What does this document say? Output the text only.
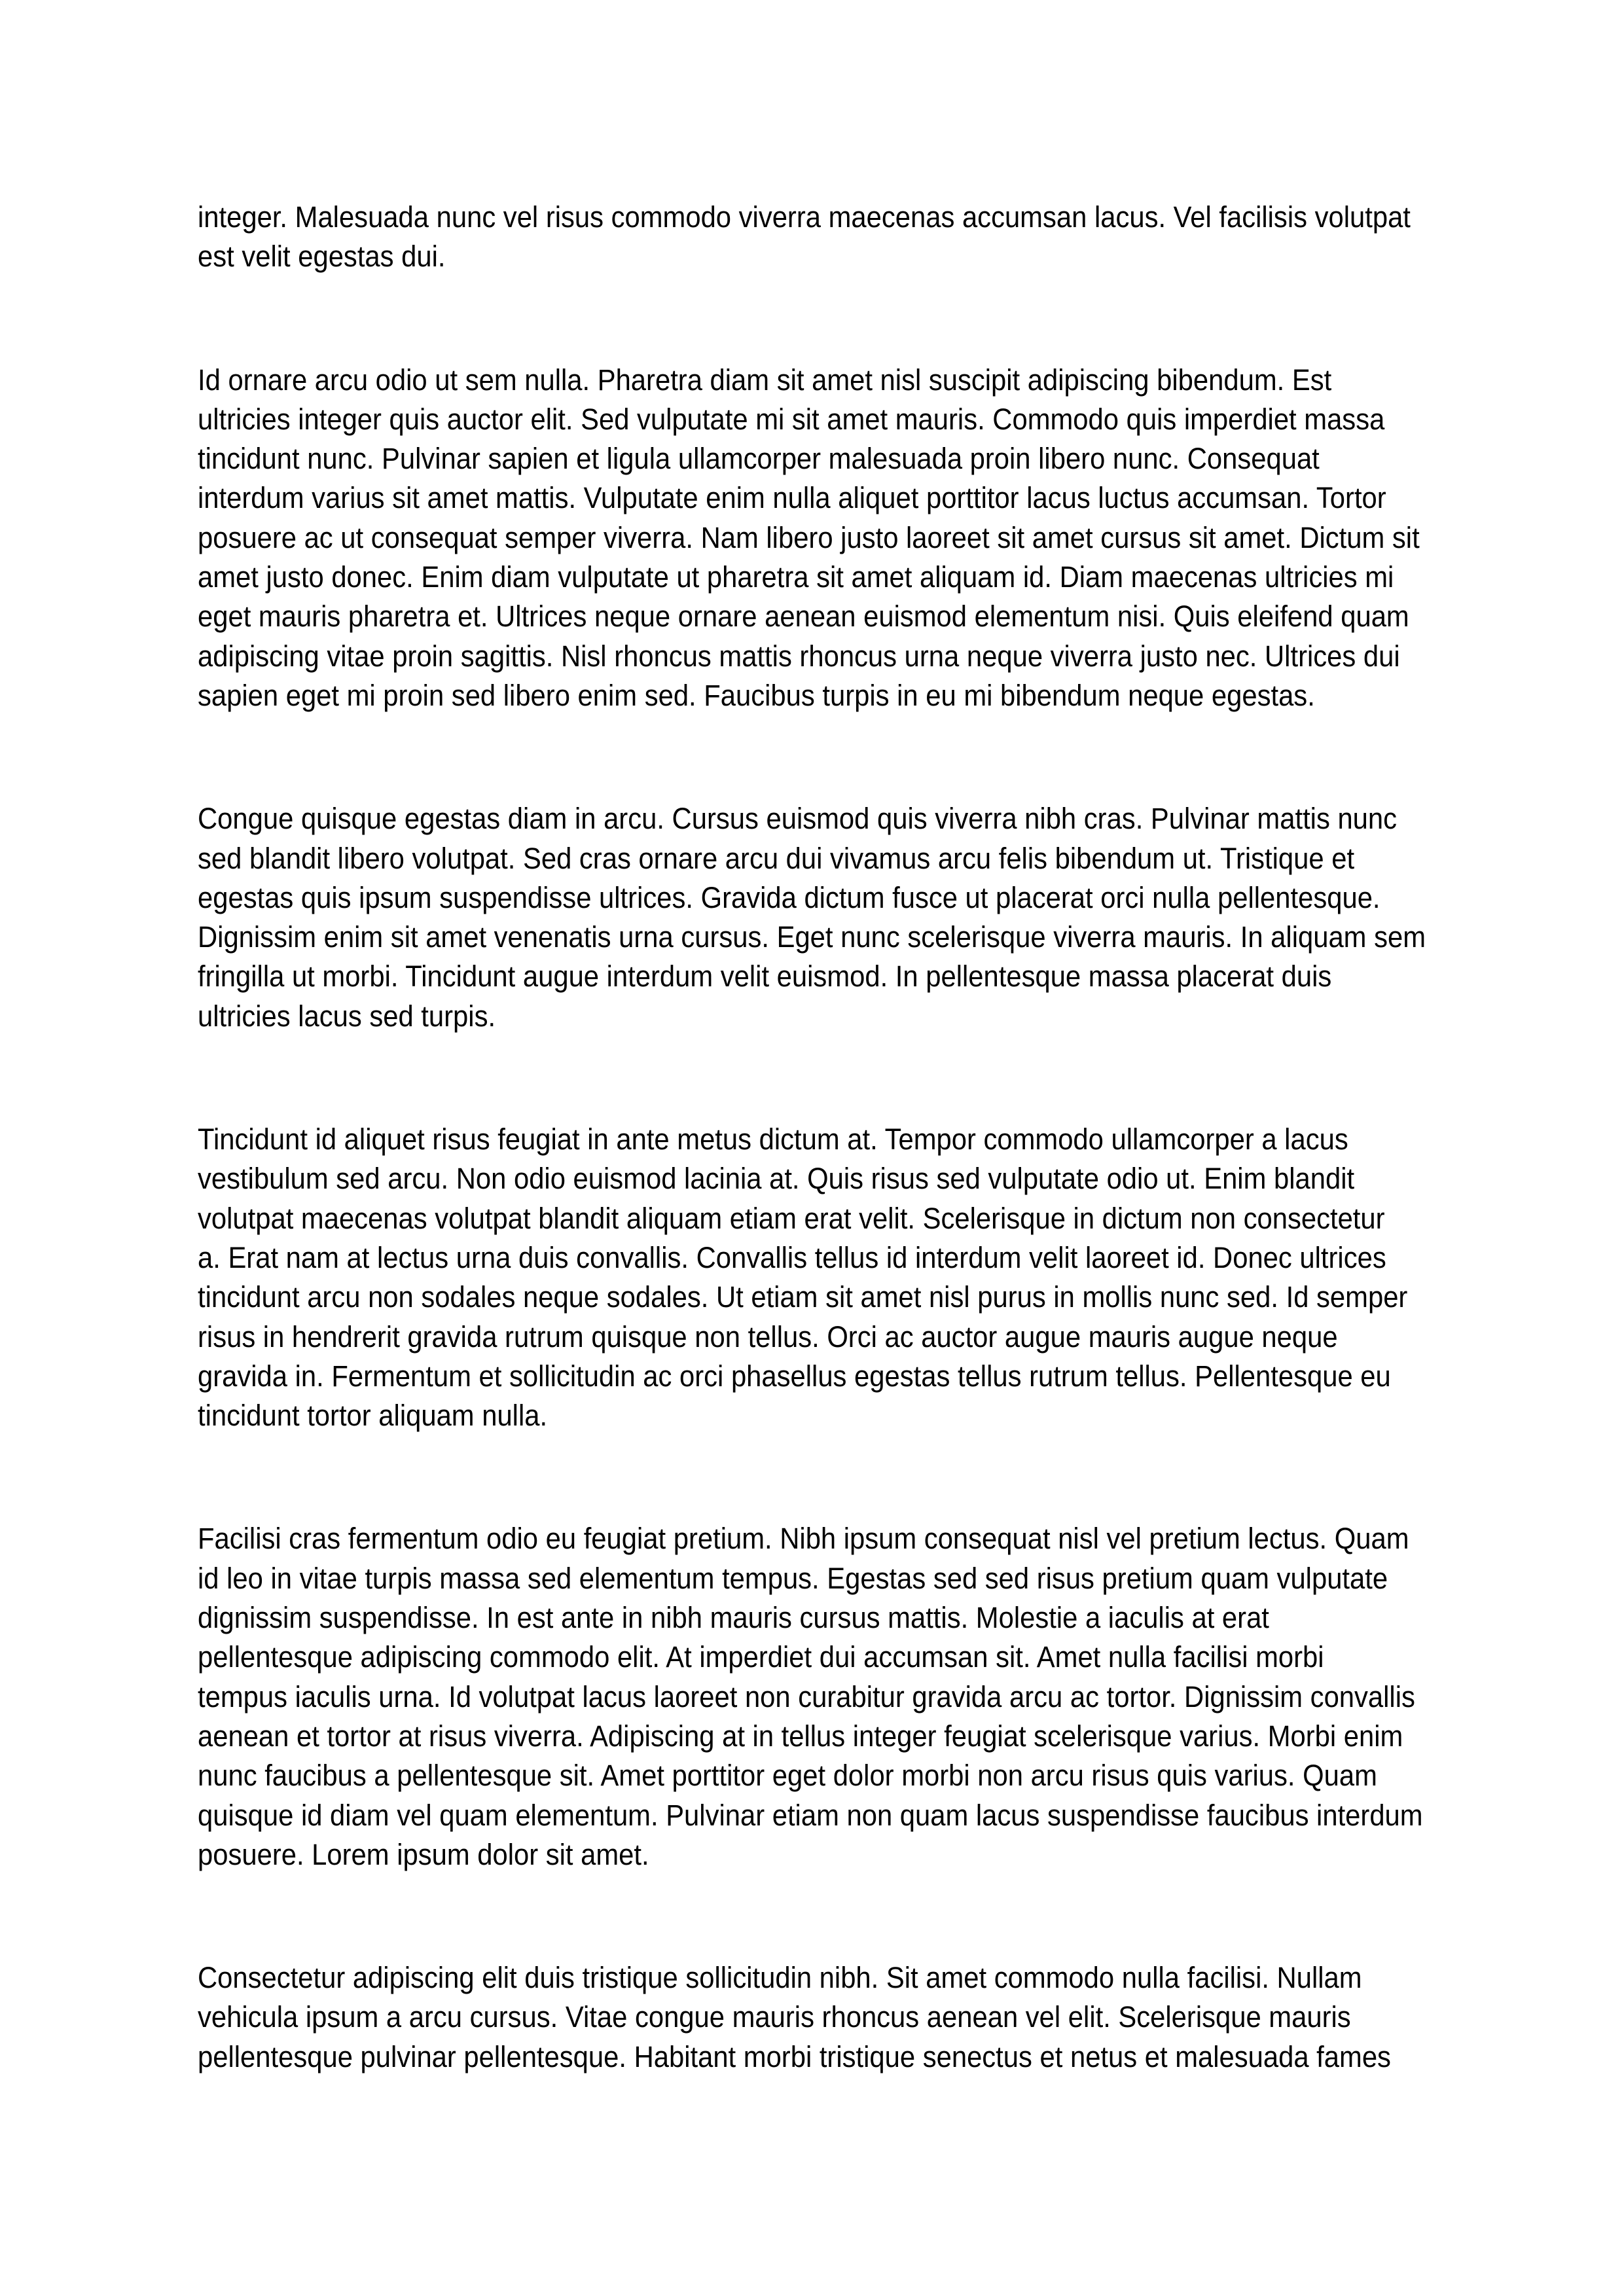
integer. Malesuada nunc vel risus commodo viverra maecenas accumsan lacus. Vel facilisis volutpat
est velit egestas dui.

Id ornare arcu odio ut sem nulla. Pharetra diam sit amet nisl suscipit adipiscing bibendum. Est
ultricies integer quis auctor elit. Sed vulputate mi sit amet mauris. Commodo quis imperdiet massa
tincidunt nunc. Pulvinar sapien et ligula ullamcorper malesuada proin libero nunc. Consequat
interdum varius sit amet mattis. Vulputate enim nulla aliquet porttitor lacus luctus accumsan. Tortor
posuere ac ut consequat semper viverra. Nam libero justo laoreet sit amet cursus sit amet. Dictum sit
amet justo donec. Enim diam vulputate ut pharetra sit amet aliquam id. Diam maecenas ultricies mi
eget mauris pharetra et. Ultrices neque ornare aenean euismod elementum nisi. Quis eleifend quam
adipiscing vitae proin sagittis. Nisl rhoncus mattis rhoncus urna neque viverra justo nec. Ultrices dui
sapien eget mi proin sed libero enim sed. Faucibus turpis in eu mi bibendum neque egestas.

Congue quisque egestas diam in arcu. Cursus euismod quis viverra nibh cras. Pulvinar mattis nunc
sed blandit libero volutpat. Sed cras ornare arcu dui vivamus arcu felis bibendum ut. Tristique et
egestas quis ipsum suspendisse ultrices. Gravida dictum fusce ut placerat orci nulla pellentesque.
Dignissim enim sit amet venenatis urna cursus. Eget nunc scelerisque viverra mauris. In aliquam sem
fringilla ut morbi. Tincidunt augue interdum velit euismod. In pellentesque massa placerat duis
ultricies lacus sed turpis.

Tincidunt id aliquet risus feugiat in ante metus dictum at. Tempor commodo ullamcorper a lacus
vestibulum sed arcu. Non odio euismod lacinia at. Quis risus sed vulputate odio ut. Enim blandit
volutpat maecenas volutpat blandit aliquam etiam erat velit. Scelerisque in dictum non consectetur
a. Erat nam at lectus urna duis convallis. Convallis tellus id interdum velit laoreet id. Donec ultrices
tincidunt arcu non sodales neque sodales. Ut etiam sit amet nisl purus in mollis nunc sed. Id semper
risus in hendrerit gravida rutrum quisque non tellus. Orci ac auctor augue mauris augue neque
gravida in. Fermentum et sollicitudin ac orci phasellus egestas tellus rutrum tellus. Pellentesque eu
tincidunt tortor aliquam nulla.

Facilisi cras fermentum odio eu feugiat pretium. Nibh ipsum consequat nisl vel pretium lectus. Quam
id leo in vitae turpis massa sed elementum tempus. Egestas sed sed risus pretium quam vulputate
dignissim suspendisse. In est ante in nibh mauris cursus mattis. Molestie a iaculis at erat
pellentesque adipiscing commodo elit. At imperdiet dui accumsan sit. Amet nulla facilisi morbi
tempus iaculis urna. Id volutpat lacus laoreet non curabitur gravida arcu ac tortor. Dignissim convallis
aenean et tortor at risus viverra. Adipiscing at in tellus integer feugiat scelerisque varius. Morbi enim
nunc faucibus a pellentesque sit. Amet porttitor eget dolor morbi non arcu risus quis varius. Quam
quisque id diam vel quam elementum. Pulvinar etiam non quam lacus suspendisse faucibus interdum
posuere. Lorem ipsum dolor sit amet.

Consectetur adipiscing elit duis tristique sollicitudin nibh. Sit amet commodo nulla facilisi. Nullam
vehicula ipsum a arcu cursus. Vitae congue mauris rhoncus aenean vel elit. Scelerisque mauris
pellentesque pulvinar pellentesque. Habitant morbi tristique senectus et netus et malesuada fames
